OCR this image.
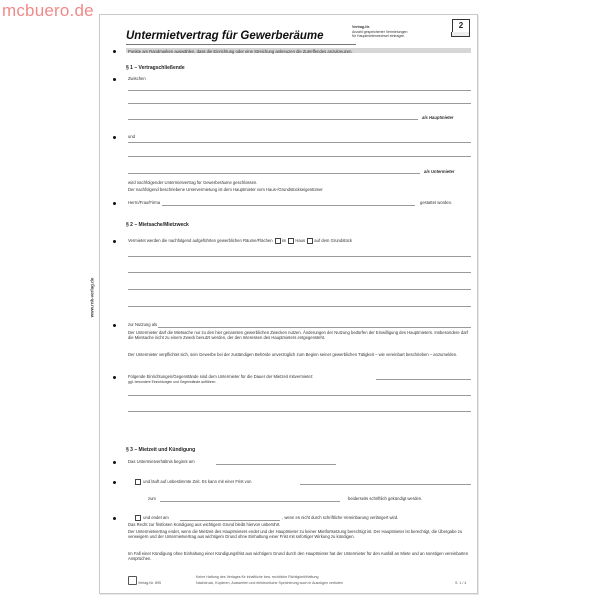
mcbuero.de
www.rnk-verlag.de
Untermietvertrag für Gewerberäume
Vertrag-Nr.
Anzahl gespeicherter Vermietungen
für Hauptmieterwechsel eintragen
2
Punkte am Randmarken auswählen, dass die Einrichtung oder eine Streichung ankreuzen die Zutreffendes anzukreuzen.
§ 1 – Vertragschließende
Zwischen
als Hauptmieter
und
als Untermieter
wird nachfolgender Untermietvertrag für Gewerberäume geschlossen.
Der nachfolgend beschriebene Untervermietung ist dem Hauptmieter vom Haus-/Grundstückseigentümer
Herrn/Frau/Firma	gestattet worden.
§ 2 – Mietsache/Mietzweck
Vermietet werden die nachfolgend aufgeführten gewerblichen Räume/Flächen im Haus auf dem Grundstück
zur Nutzung als
Der Untermieter darf die Mietsache nur zu den hier genannten gewerblichen Zwecken nutzen. Änderungen der Nutzung bedürfen der Einwilligung des Hauptmieters. Insbesondere darf die Mietsache nicht zu einem Zweck benutzt werden, der den Interessen des Hauptmieters entgegensteht.
Der Untermieter verpflichtet sich, sein Gewerbe bei der zuständigen Behörde unverzüglich zum Beginn seiner gewerblichen Tätigkeit – wie vereinbart beschrieben – anzumelden.
Folgende Einrichtungen/Gegenstände sind dem Untermieter für die Dauer der Mietzeit mitvermietet:
ggf. besondere Einrichtungen und Gegenstände aufführen
§ 3 – Mietzeit und Kündigung
Das Untermietverhältnis beginnt am
und läuft auf unbestimmte Zeit. Es kann mit einer Frist von
zum	beiderseits schriftlich gekündigt werden.
und endet am	, wenn es nicht durch schriftliche Vereinbarung verlängert wird.
Das Recht zur fristlosen Kündigung aus wichtigem Grund bleibt hiervon unberührt.
Der Untermietvertrag endet, wenn die Mietzeit des Hauptmieters endet und der Hauptmieter zu keiner Mietfortsetzung berechtigt ist. Der Hauptmieter ist berechtigt, die Übergabe zu verweigern und der Untermietvertrag aus wichtigem Grund ohne Einhaltung einer Frist mit sofortiger Wirkung zu kündigen.
Im Fall einer Kündigung ohne Einhaltung einer Kündigungsfrist aus wichtigem Grund durch den Hauptmieter hat der Untermieter für den Ausfall an Miete und an sonstigen vereinbarten Ansprüchen.
Verlag-Nr. 895
Keine Haftung des Verlages für inhaltliche bzw. rechtliche Richtigkeit/Haftung
Nachdruck, Kopieren, Auswerten und elektronische Speicherung auch in Auszügen verboten	S. 1 / 4
